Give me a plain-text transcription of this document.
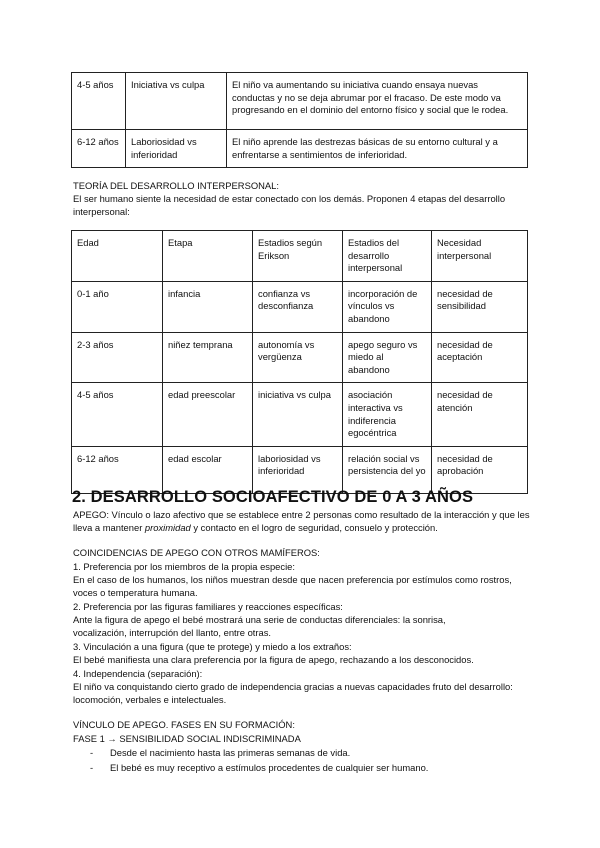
4-5 años	Iniciativa vs culpa	El niño va aumentando su iniciativa cuando ensaya nuevas conductas y no se deja abrumar por el fracaso. De este modo va progresando en el dominio del entorno físico y social que le rodea.
6-12 años	Laboriosidad vs inferioridad	El niño aprende las destrezas básicas de su entorno cultural y a enfrentarse a sentimientos de inferioridad.
TEORÍA DEL DESARROLLO INTERPERSONAL:
El ser humano siente la necesidad de estar conectado con los demás. Proponen 4 etapas del desarrollo interpersonal:
Edad	Etapa	Estadios según Erikson	Estadios del desarrollo interpersonal	Necesidad interpersonal
0-1 año	infancia	confianza vs desconfianza	incorporación de vínculos vs abandono	necesidad de sensibilidad
2-3 años	niñez temprana	autonomía vs vergüenza	apego seguro vs miedo al abandono	necesidad de aceptación
4-5 años	edad preescolar	iniciativa vs culpa	asociación interactiva vs indiferencia egocéntrica	necesidad de atención
6-12 años	edad escolar	laboriosidad vs inferioridad	relación social vs persistencia del yo	necesidad de aprobación
2. DESARROLLO SOCIOAFECTIVO DE 0 A 3 AÑOS
APEGO: Vínculo o lazo afectivo que se establece entre 2 personas como resultado de la interacción y que les lleva a mantener proximidad y contacto en el logro de seguridad, consuelo y protección.
COINCIDENCIAS DE APEGO CON OTROS MAMÍFEROS:
1. Preferencia por los miembros de la propia especie:
En el caso de los humanos, los niños muestran desde que nacen preferencia por estímulos como rostros, voces o temperatura humana.
2. Preferencia por las figuras familiares y reacciones específicas:
Ante la figura de apego el bebé mostrará una serie de conductas diferenciales: la sonrisa, vocalización, interrupción del llanto, entre otras.
3. Vinculación a una figura (que te protege) y miedo a los extraños:
El bebé manifiesta una clara preferencia por la figura de apego, rechazando a los desconocidos.
4. Independencia (separación):
El niño va conquistando cierto grado de independencia gracias a nuevas capacidades fruto del desarrollo: locomoción, verbales e intelectuales.
VÍNCULO DE APEGO. FASES EN SU FORMACIÓN:
FASE 1 → SENSIBILIDAD SOCIAL INDISCRIMINADA
- Desde el nacimiento hasta las primeras semanas de vida.
- El bebé es muy receptivo a estímulos procedentes de cualquier ser humano.
